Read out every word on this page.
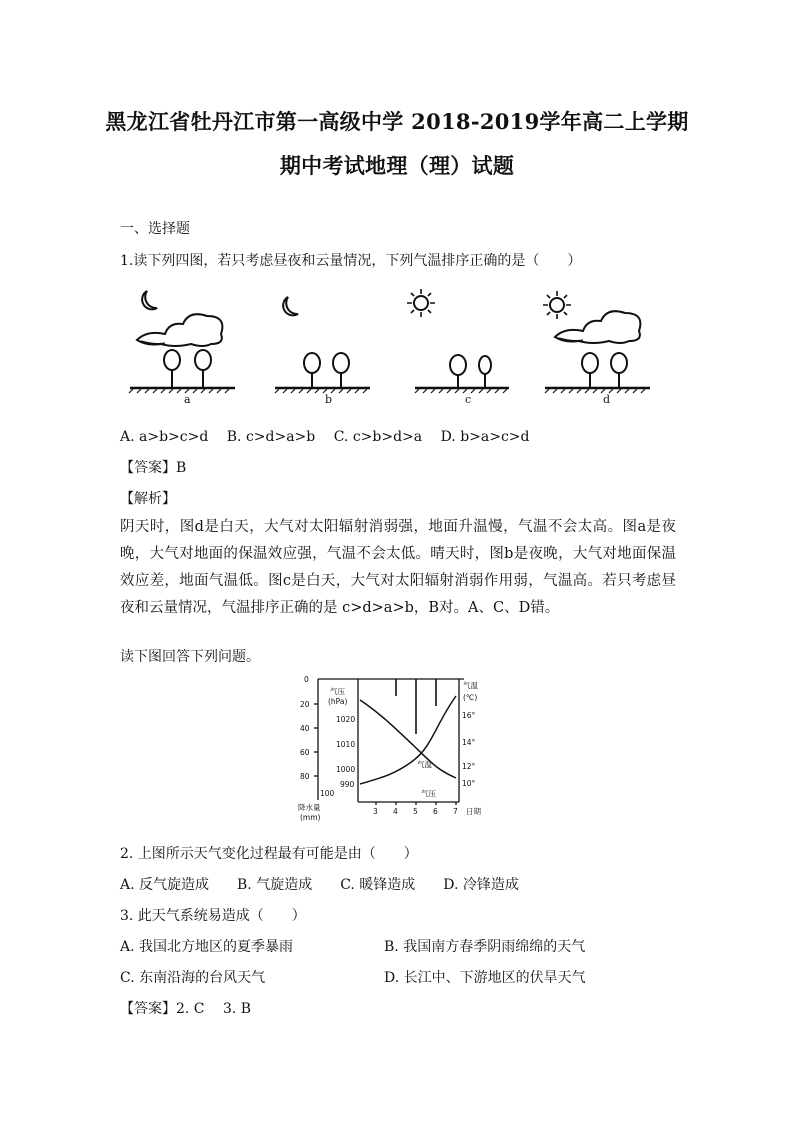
黑龙江省牡丹江市第一高级中学 2018-2019学年高二上学期
期中考试地理（理）试题
一、选择题
1.读下列四图，若只考虑昼夜和云量情况，下列气温排序正确的是（　　）
a	b	c	d
A. a>b>c>d　 B. c>d>a>b　 C. c>b>d>a　 D. b>a>c>d
【答案】B
【解析】
阴天时，图d是白天，大气对太阳辐射消弱强，地面升温慢，气温不会太高。图a是夜晚，大气对地面的保温效应强，气温不会太低。晴天时，图b是夜晚，大气对地面保温效应差，地面气温低。图c是白天，大气对太阳辐射消弱作用弱，气温高。若只考虑昼夜和云量情况，气温排序正确的是 c>d>a>b，B对。A、C、D错。
读下图回答下列问题。
0
20
40
60
80
100
降水量
(mm)
气压
(hPa)
1020
1010
1000
990
气温
(℃)
16°
14°
12°
10°
3 4 5 6 7 日期
气温
气压
2. 上图所示天气变化过程最有可能是由（　　）
A. 反气旋造成　　B. 气旋造成　　C. 暖锋造成　　D. 冷锋造成
3. 此天气系统易造成（　　）
A. 我国北方地区的夏季暴雨	B. 我国南方春季阴雨绵绵的天气
C. 东南沿海的台风天气	D. 长江中、下游地区的伏旱天气
【答案】2. C　 3. B
